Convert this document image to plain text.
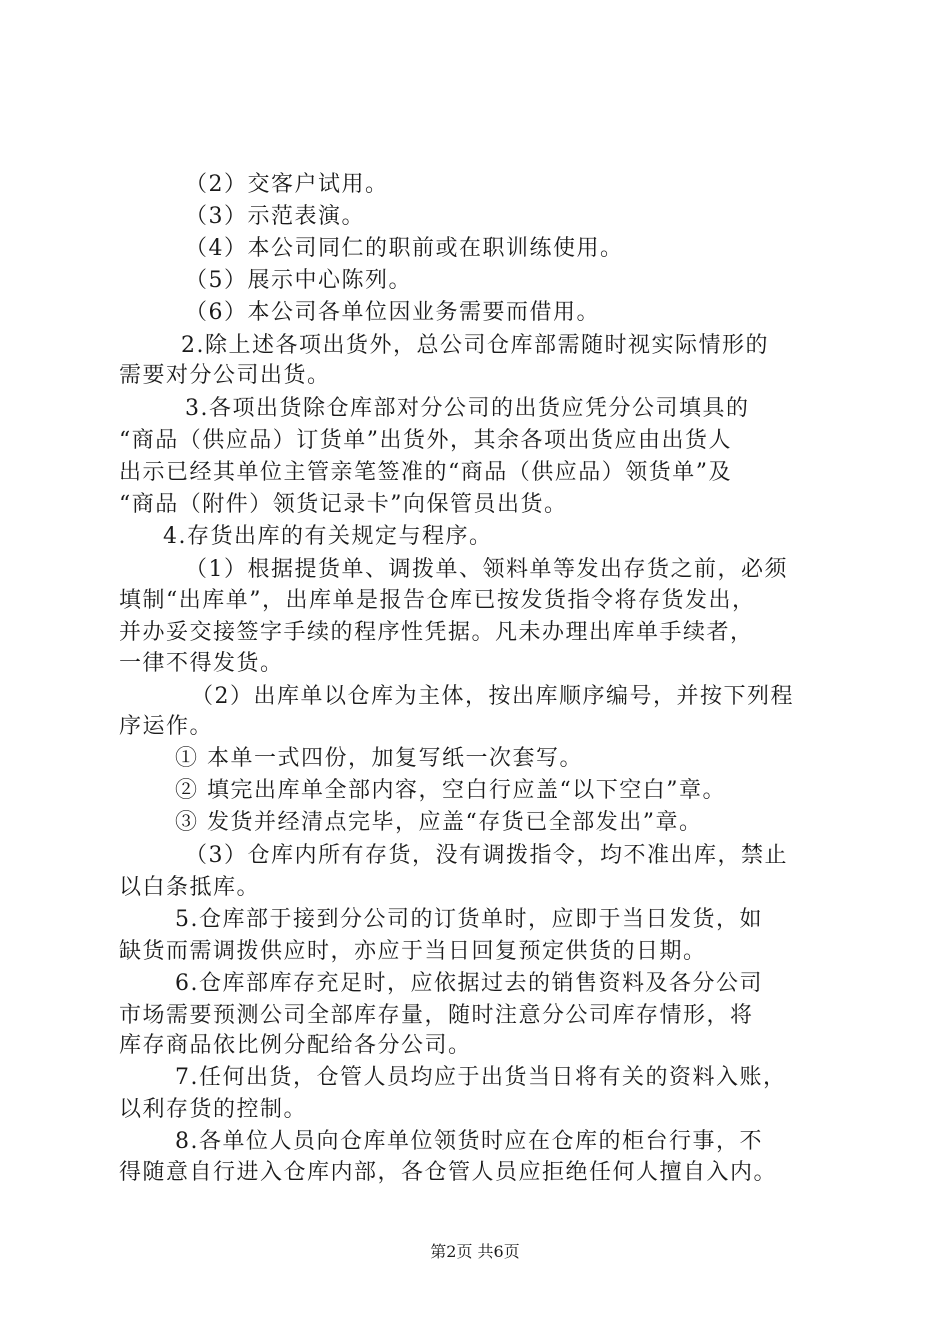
（2）交客户试用。
（3）示范表演。
（4）本公司同仁的职前或在职训练使用。
（5）展示中心陈列。
（6）本公司各单位因业务需要而借用。
2.除上述各项出货外，总公司仓库部需随时视实际情形的
需要对分公司出货。
3.各项出货除仓库部对分公司的出货应凭分公司填具的
“商品（供应品）订货单”出货外，其余各项出货应由出货人
出示已经其单位主管亲笔签准的“商品（供应品）领货单”及
“商品（附件）领货记录卡”向保管员出货。
4.存货出库的有关规定与程序。
（1）根据提货单、调拨单、领料单等发出存货之前，必须
填制“出库单”，出库单是报告仓库已按发货指令将存货发出，
并办妥交接签字手续的程序性凭据。凡未办理出库单手续者，
一律不得发货。
（2）出库单以仓库为主体，按出库顺序编号，并按下列程
序运作。
① 本单一式四份，加复写纸一次套写。
② 填完出库单全部内容，空白行应盖“以下空白”章。
③ 发货并经清点完毕，应盖“存货已全部发出”章。
（3）仓库内所有存货，没有调拨指令，均不准出库，禁止
以白条抵库。
5.仓库部于接到分公司的订货单时，应即于当日发货，如
缺货而需调拨供应时，亦应于当日回复预定供货的日期。
6.仓库部库存充足时，应依据过去的销售资料及各分公司
市场需要预测公司全部库存量，随时注意分公司库存情形，将
库存商品依比例分配给各分公司。
7.任何出货，仓管人员均应于出货当日将有关的资料入账，
以利存货的控制。
8.各单位人员向仓库单位领货时应在仓库的柜台行事，不
得随意自行进入仓库内部，各仓管人员应拒绝任何人擅自入内。
第2页 共6页
